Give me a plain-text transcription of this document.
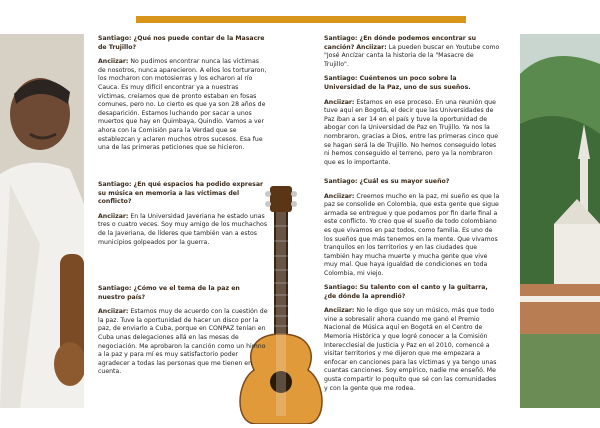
Santiago: ¿Qué nos puede contar de la Masacre de Trujillo?

Anciizar: No pudimos encontrar nunca las víctimas de nosotros, nunca aparecieron. A ellos los torturaron, los mocharon con motosierras y los echaron al río Cauca. Es muy difícil encontrar ya a nuestras víctimas, creíamos que de pronto estaban en fosas comunes, pero no. Lo cierto es que ya son 28 años de desaparición. Estamos luchando por sacar a unos muertos que hay en Quimbaya, Quindío. Vamos a ver ahora con la Comisión para la Verdad que se establezcan y aclaren muchos otros sucesos. Esa fue una de las primeras peticiones que se hicieron.

Santiago: ¿En qué espacios ha podido expresar su música en memoria a las víctimas del conflicto?

Anciizar: En la Universidad Javeriana he estado unas tres o cuatro veces. Soy muy amigo de los muchachos de la Javeriana, de líderes que también van a estos municipios golpeados por la guerra.

Santiago: ¿Cómo ve el tema de la paz en nuestro país?

Anciizar: Estamos muy de acuerdo con la cuestión de la paz. Tuve la oportunidad de hacer un disco por la paz, de enviarlo a Cuba, porque en CONPAZ tenían en Cuba unas delegaciones allá en las mesas de negociación. Me aprobaron la canción como un himno a la paz y para mí es muy satisfactorio poder agradecer a todas las personas que me tienen en cuenta.

Santiago: ¿En dónde podemos encontrar su canción? Anciizar: La pueden buscar en Youtube como "José Ancízar canta la historia de la "Masacre de Trujillo".

Santiago: Cuéntenos un poco sobre la Universidad de la Paz, uno de sus sueños.

Anciizar: Estamos en ese proceso. En una reunión que tuve aquí en Bogotá, el decir que las Universidades de Paz iban a ser 14 en el país y tuve la oportunidad de abogar con la Universidad de Paz en Trujillo. Ya nos la nombraron, gracias a Dios, entre las primeras cinco que se hagan será la de Trujillo. No hemos conseguido lotes ni hemos conseguido el terreno, pero ya la nombraron que es lo importante.

Santiago: ¿Cuál es su mayor sueño?

Anciizar: Creemos mucho en la paz, mi sueño es que la paz se consolide en Colombia, que esta gente que sigue armada se entregue y que podamos por fin darle final a este conflicto. Yo creo que el sueño de todo colombiano es que vivamos en paz todos, como familia. Es uno de los sueños que más tenemos en la mente. Que vivamos tranquilos en los territorios y en las ciudades que también hay mucha muerte y mucha gente que vive muy mal. Que haya igualdad de condiciones en toda Colombia, mi viejo.

Santiago: Su talento con el canto y la guitarra, ¿de dónde la aprendió?

Anciizar: No le digo que soy un músico, más que todo vine a sobresalir ahora cuando me ganó el Premio Nacional de Música aquí en Bogotá en el Centro de Memoria Histórica y que logré conocer a la Comisión Interecclesial de Justicia y Paz en el 2010, comencé a visitar territorios y me dijeron que me empezara a enfocar en canciones para las víctimas y ya tengo unas cuantas canciones. Soy empírico, nadie me enseñó. Me gusta compartir lo poquito que sé con las comunidades y con la gente que me rodea.
